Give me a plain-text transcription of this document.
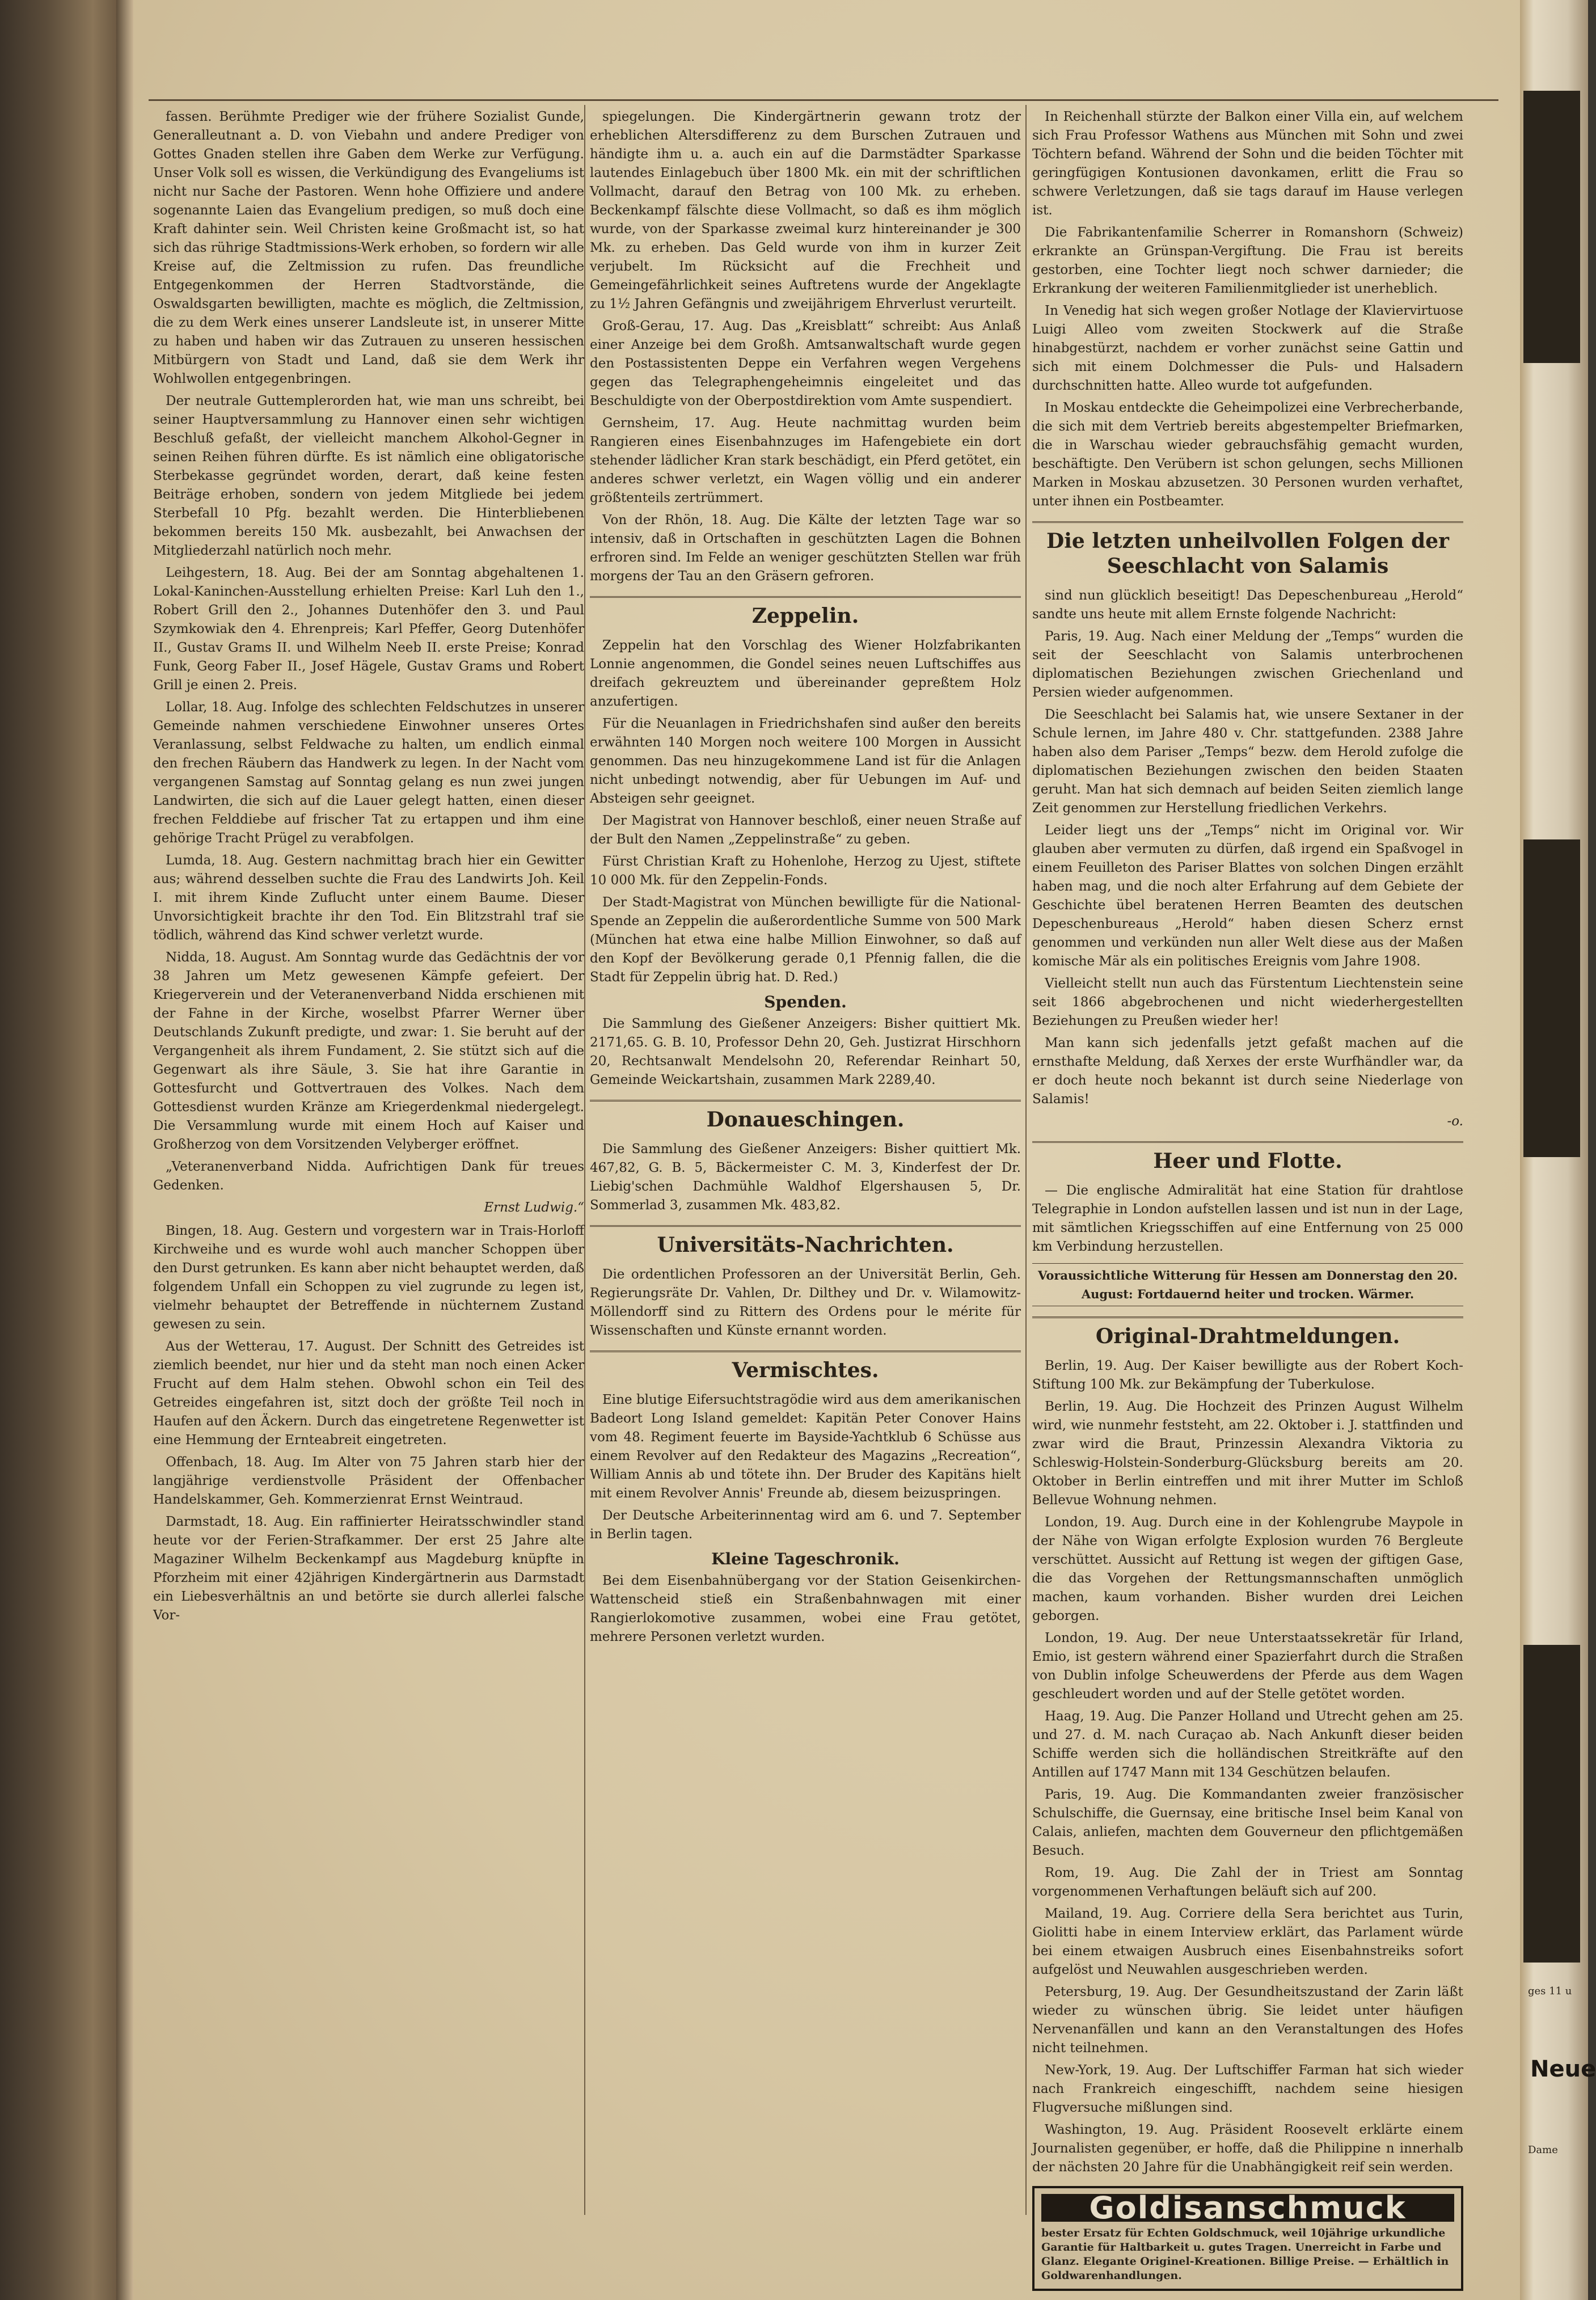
fassen. Berühmte Prediger wie der frühere Sozialist Gunde, Generalleutnant a. D. von Viebahn und andere Prediger von Gottes Gnaden stellen ihre Gaben dem Werke zur Verfügung. Unser Volk soll es wissen, die Verkündigung des Evangeliums ist nicht nur Sache der Pastoren. Wenn hohe Offiziere und andere sogenannte Laien das Evangelium predigen, so muß doch eine Kraft dahinter sein. Weil Christen keine Großmacht ist, so hat sich das rührige Stadtmissions-Werk erhoben, so fordern wir alle Kreise auf, die Zeltmission zu rufen. Das freundliche Entgegenkommen der Herren Stadtvorstände, die Oswaldsgarten bewilligten, machte es möglich, die Zeltmission, die zu dem Werk eines unserer Landsleute ist, in unserer Mitte zu haben und haben wir das Zutrauen zu unseren hessischen Mitbürgern von Stadt und Land, daß sie dem Werk ihr Wohlwollen entgegenbringen.

Der neutrale Guttemplerorden hat, wie man uns schreibt, bei seiner Hauptversammlung zu Hannover einen sehr wichtigen Beschluß gefaßt, der vielleicht manchem Alkohol-Gegner in seinen Reihen führen dürfte. Es ist nämlich eine obligatorische Sterbekasse gegründet worden, derart, daß keine festen Beiträge erhoben, sondern von jedem Mitgliede bei jedem Sterbefall 10 Pfg. bezahlt werden. Die Hinterbliebenen bekommen bereits 150 Mk. ausbezahlt, bei Anwachsen der Mitgliederzahl natürlich noch mehr.

Leihgestern, 18. Aug. Bei der am Sonntag abgehaltenen 1. Lokal-Kaninchen-Ausstellung erhielten Preise: Karl Luh den 1., Robert Grill den 2., Johannes Dutenhöfer den 3. und Paul Szymkowiak den 4. Ehrenpreis; Karl Pfeffer, Georg Dutenhöfer II., Gustav Grams II. und Wilhelm Neeb II. erste Preise; Konrad Funk, Georg Faber II., Josef Hägele, Gustav Grams und Robert Grill je einen 2. Preis.

Lollar, 18. Aug. Infolge des schlechten Feldschutzes in unserer Gemeinde nahmen verschiedene Einwohner unseres Ortes Veranlassung, selbst Feldwache zu halten, um endlich einmal den frechen Räubern das Handwerk zu legen. In der Nacht vom vergangenen Samstag auf Sonntag gelang es nun zwei jungen Landwirten, die sich auf die Lauer gelegt hatten, einen dieser frechen Felddiebe auf frischer Tat zu ertappen und ihm eine gehörige Tracht Prügel zu verabfolgen.

Lumda, 18. Aug. Gestern nachmittag brach hier ein Gewitter aus; während desselben suchte die Frau des Landwirts Joh. Keil I. mit ihrem Kinde Zuflucht unter einem Baume. Dieser Unvorsichtigkeit brachte ihr den Tod. Ein Blitzstrahl traf sie tödlich, während das Kind schwer verletzt wurde.

Nidda, 18. August. Am Sonntag wurde das Gedächtnis der vor 38 Jahren um Metz gewesenen Kämpfe gefeiert. Der Kriegerverein und der Veteranenverband Nidda erschienen mit der Fahne in der Kirche, woselbst Pfarrer Werner über Deutschlands Zukunft predigte, und zwar: 1. Sie beruht auf der Vergangenheit als ihrem Fundament, 2. Sie stützt sich auf die Gegenwart als ihre Säule, 3. Sie hat ihre Garantie in Gottesfurcht und Gottvertrauen des Volkes. Nach dem Gottesdienst wurden Kränze am Kriegerdenkmal niedergelegt. Die Versammlung wurde mit einem Hoch auf Kaiser und Großherzog von dem Vorsitzenden Velyberger eröffnet.

„Veteranenverband Nidda. Aufrichtigen Dank für treues Gedenken.

Ernst Ludwig.“

Bingen, 18. Aug. Gestern und vorgestern war in Trais-Horloff Kirchweihe und es wurde wohl auch mancher Schoppen über den Durst getrunken. Es kann aber nicht behauptet werden, daß folgendem Unfall ein Schoppen zu viel zugrunde zu legen ist, vielmehr behauptet der Betreffende in nüchternem Zustand gewesen zu sein.

Aus der Wetterau, 17. August. Der Schnitt des Getreides ist ziemlich beendet, nur hier und da steht man noch einen Acker Frucht auf dem Halm stehen. Obwohl schon ein Teil des Getreides eingefahren ist, sitzt doch der größte Teil noch in Haufen auf den Äckern. Durch das eingetretene Regenwetter ist eine Hemmung der Ernteabreit eingetreten.

Offenbach, 18. Aug. Im Alter von 75 Jahren starb hier der langjährige verdienstvolle Präsident der Offenbacher Handelskammer, Geh. Kommerzienrat Ernst Weintraud.

Darmstadt, 18. Aug. Ein raffinierter Heiratsschwindler stand heute vor der Ferien-Strafkammer. Der erst 25 Jahre alte Magaziner Wilhelm Beckenkampf aus Magdeburg knüpfte in Pforzheim mit einer 42jährigen Kindergärtnerin aus Darmstadt ein Liebesverhältnis an und betörte sie durch allerlei falsche Vor-

spiegelungen. Die Kindergärtnerin gewann trotz der erheblichen Altersdifferenz zu dem Burschen Zutrauen und händigte ihm u. a. auch ein auf die Darmstädter Sparkasse lautendes Einlagebuch über 1800 Mk. ein mit der schriftlichen Vollmacht, darauf den Betrag von 100 Mk. zu erheben. Beckenkampf fälschte diese Vollmacht, so daß es ihm möglich wurde, von der Sparkasse zweimal kurz hintereinander je 300 Mk. zu erheben. Das Geld wurde von ihm in kurzer Zeit verjubelt. Im Rücksicht auf die Frechheit und Gemeingefährlichkeit seines Auftretens wurde der Angeklagte zu 1½ Jahren Gefängnis und zweijährigem Ehrverlust verurteilt.

Groß-Gerau, 17. Aug. Das „Kreisblatt“ schreibt: Aus Anlaß einer Anzeige bei dem Großh. Amtsanwaltschaft wurde gegen den Postassistenten Deppe ein Verfahren wegen Vergehens gegen das Telegraphengeheimnis eingeleitet und das Beschuldigte von der Oberpostdirektion vom Amte suspendiert.

Gernsheim, 17. Aug. Heute nachmittag wurden beim Rangieren eines Eisenbahnzuges im Hafengebiete ein dort stehender lädlicher Kran stark beschädigt, ein Pferd getötet, ein anderes schwer verletzt, ein Wagen völlig und ein anderer größtenteils zertrümmert.

Von der Rhön, 18. Aug. Die Kälte der letzten Tage war so intensiv, daß in Ortschaften in geschützten Lagen die Bohnen erfroren sind. Im Felde an weniger geschützten Stellen war früh morgens der Tau an den Gräsern gefroren.

Zeppelin.

Zeppelin hat den Vorschlag des Wiener Holzfabrikanten Lonnie angenommen, die Gondel seines neuen Luftschiffes aus dreifach gekreuztem und übereinander gepreßtem Holz anzufertigen.

Für die Neuanlagen in Friedrichshafen sind außer den bereits erwähnten 140 Morgen noch weitere 100 Morgen in Aussicht genommen. Das neu hinzugekommene Land ist für die Anlagen nicht unbedingt notwendig, aber für Uebungen im Auf- und Absteigen sehr geeignet.

Der Magistrat von Hannover beschloß, einer neuen Straße auf der Bult den Namen „Zeppelinstraße“ zu geben.

Fürst Christian Kraft zu Hohenlohe, Herzog zu Ujest, stiftete 10 000 Mk. für den Zeppelin-Fonds.

Der Stadt-Magistrat von München bewilligte für die National-Spende an Zeppelin die außerordentliche Summe von 500 Mark (München hat etwa eine halbe Million Einwohner, so daß auf den Kopf der Bevölkerung gerade 0,1 Pfennig fallen, die die Stadt für Zeppelin übrig hat. D. Red.)

Spenden.

Die Sammlung des Gießener Anzeigers: Bisher quittiert Mk. 2171,65. G. B. 10, Professor Dehn 20, Geh. Justizrat Hirschhorn 20, Rechtsanwalt Mendelsohn 20, Referendar Reinhart 50, Gemeinde Weickartshain, zusammen Mark 2289,40.

Donaueschingen.

Die Sammlung des Gießener Anzeigers: Bisher quittiert Mk. 467,82, G. B. 5, Bäckermeister C. M. 3, Kinderfest der Dr. Liebig'schen Dachmühle Waldhof Elgershausen 5, Dr. Sommerlad 3, zusammen Mk. 483,82.

Universitäts-Nachrichten.

Die ordentlichen Professoren an der Universität Berlin, Geh. Regierungsräte Dr. Vahlen, Dr. Dilthey und Dr. v. Wilamowitz-Möllendorff sind zu Rittern des Ordens pour le mérite für Wissenschaften und Künste ernannt worden.

Vermischtes.

Eine blutige Eifersuchtstragödie wird aus dem amerikanischen Badeort Long Island gemeldet: Kapitän Peter Conover Hains vom 48. Regiment feuerte im Bayside-Yachtklub 6 Schüsse aus einem Revolver auf den Redakteur des Magazins „Recreation“, William Annis ab und tötete ihn. Der Bruder des Kapitäns hielt mit einem Revolver Annis' Freunde ab, diesem beizuspringen.

Der Deutsche Arbeiterinnentag wird am 6. und 7. September in Berlin tagen.

Kleine Tageschronik.

Bei dem Eisenbahnübergang vor der Station Geisenkirchen-Wattenscheid stieß ein Straßenbahnwagen mit einer Rangierlokomotive zusammen, wobei eine Frau getötet, mehrere Personen verletzt wurden.

In Reichenhall stürzte der Balkon einer Villa ein, auf welchem sich Frau Professor Wathens aus München mit Sohn und zwei Töchtern befand. Während der Sohn und die beiden Töchter mit geringfügigen Kontusionen davonkamen, erlitt die Frau so schwere Verletzungen, daß sie tags darauf im Hause verlegen ist.

Die Fabrikantenfamilie Scherrer in Romanshorn (Schweiz) erkrankte an Grünspan-Vergiftung. Die Frau ist bereits gestorben, eine Tochter liegt noch schwer darnieder; die Erkrankung der weiteren Familienmitglieder ist unerheblich.

In Venedig hat sich wegen großer Notlage der Klaviervirtuose Luigi Alleo vom zweiten Stockwerk auf die Straße hinabgestürzt, nachdem er vorher zunächst seine Gattin und sich mit einem Dolchmesser die Puls- und Halsadern durchschnitten hatte. Alleo wurde tot aufgefunden.

In Moskau entdeckte die Geheimpolizei eine Verbrecherbande, die sich mit dem Vertrieb bereits abgestempelter Briefmarken, die in Warschau wieder gebrauchsfähig gemacht wurden, beschäftigte. Den Verübern ist schon gelungen, sechs Millionen Marken in Moskau abzusetzen. 30 Personen wurden verhaftet, unter ihnen ein Postbeamter.

Die letzten unheilvollen Folgen der Seeschlacht von Salamis

sind nun glücklich beseitigt! Das Depeschenbureau „Herold“ sandte uns heute mit allem Ernste folgende Nachricht:

Paris, 19. Aug. Nach einer Meldung der „Temps“ wurden die seit der Seeschlacht von Salamis unterbrochenen diplomatischen Beziehungen zwischen Griechenland und Persien wieder aufgenommen.

Die Seeschlacht bei Salamis hat, wie unsere Sextaner in der Schule lernen, im Jahre 480 v. Chr. stattgefunden. 2388 Jahre haben also dem Pariser „Temps“ bezw. dem Herold zufolge die diplomatischen Beziehungen zwischen den beiden Staaten geruht. Man hat sich demnach auf beiden Seiten ziemlich lange Zeit genommen zur Herstellung friedlichen Verkehrs.

Leider liegt uns der „Temps“ nicht im Original vor. Wir glauben aber vermuten zu dürfen, daß irgend ein Spaßvogel in einem Feuilleton des Pariser Blattes von solchen Dingen erzählt haben mag, und die noch alter Erfahrung auf dem Gebiete der Geschichte übel beratenen Herren Beamten des deutschen Depeschenbureaus „Herold“ haben diesen Scherz ernst genommen und verkünden nun aller Welt diese aus der Maßen komische Mär als ein politisches Ereignis vom Jahre 1908.

Vielleicht stellt nun auch das Fürstentum Liechtenstein seine seit 1866 abgebrochenen und nicht wiederhergestellten Beziehungen zu Preußen wieder her!

Man kann sich jedenfalls jetzt gefaßt machen auf die ernsthafte Meldung, daß Xerxes der erste Wurfhändler war, da er doch heute noch bekannt ist durch seine Niederlage von Salamis!

-o.
Heer und Flotte.

— Die englische Admiralität hat eine Station für drahtlose Telegraphie in London aufstellen lassen und ist nun in der Lage, mit sämtlichen Kriegsschiffen auf eine Entfernung von 25 000 km Verbindung herzustellen.

Voraussichtliche Witterung für Hessen am Donnerstag den 20. August: Fortdauernd heiter und trocken. Wärmer.
Original-Drahtmeldungen.

Berlin, 19. Aug. Der Kaiser bewilligte aus der Robert Koch-Stiftung 100 Mk. zur Bekämpfung der Tuberkulose.

Berlin, 19. Aug. Die Hochzeit des Prinzen August Wilhelm wird, wie nunmehr feststeht, am 22. Oktober i. J. stattfinden und zwar wird die Braut, Prinzessin Alexandra Viktoria zu Schleswig-Holstein-Sonderburg-Glücksburg bereits am 20. Oktober in Berlin eintreffen und mit ihrer Mutter im Schloß Bellevue Wohnung nehmen.

London, 19. Aug. Durch eine in der Kohlengrube Maypole in der Nähe von Wigan erfolgte Explosion wurden 76 Bergleute verschüttet. Aussicht auf Rettung ist wegen der giftigen Gase, die das Vorgehen der Rettungsmannschaften unmöglich machen, kaum vorhanden. Bisher wurden drei Leichen geborgen.

London, 19. Aug. Der neue Unterstaatssekretär für Irland, Emio, ist gestern während einer Spazierfahrt durch die Straßen von Dublin infolge Scheuwerdens der Pferde aus dem Wagen geschleudert worden und auf der Stelle getötet worden.

Haag, 19. Aug. Die Panzer Holland und Utrecht gehen am 25. und 27. d. M. nach Curaçao ab. Nach Ankunft dieser beiden Schiffe werden sich die holländischen Streitkräfte auf den Antillen auf 1747 Mann mit 134 Geschützen belaufen.

Paris, 19. Aug. Die Kommandanten zweier französischer Schulschiffe, die Guernsay, eine britische Insel beim Kanal von Calais, anliefen, machten dem Gouverneur den pflichtgemäßen Besuch.

Rom, 19. Aug. Die Zahl der in Triest am Sonntag vorgenommenen Verhaftungen beläuft sich auf 200.

Mailand, 19. Aug. Corriere della Sera berichtet aus Turin, Giolitti habe in einem Interview erklärt, das Parlament würde bei einem etwaigen Ausbruch eines Eisenbahnstreiks sofort aufgelöst und Neuwahlen ausgeschrieben werden.

Petersburg, 19. Aug. Der Gesundheitszustand der Zarin läßt wieder zu wünschen übrig. Sie leidet unter häufigen Nervenanfällen und kann an den Veranstaltungen des Hofes nicht teilnehmen.

New-York, 19. Aug. Der Luftschiffer Farman hat sich wieder nach Frankreich eingeschifft, nachdem seine hiesigen Flugversuche mißlungen sind.

Washington, 19. Aug. Präsident Roosevelt erklärte einem Journalisten gegenüber, er hoffe, daß die Philippine n innerhalb der nächsten 20 Jahre für die Unabhängigkeit reif sein werden.

Goldisanschmuck
bester Ersatz für Echten Goldschmuck, weil 10jährige urkundliche Garantie für Haltbarkeit u. gutes Tragen. Unerreicht in Farbe und Glanz. Elegante Originel-Kreationen. Billige Preise. — Erhältlich in Goldwarenhandlungen.
ges 11 u
Neue
Dame
